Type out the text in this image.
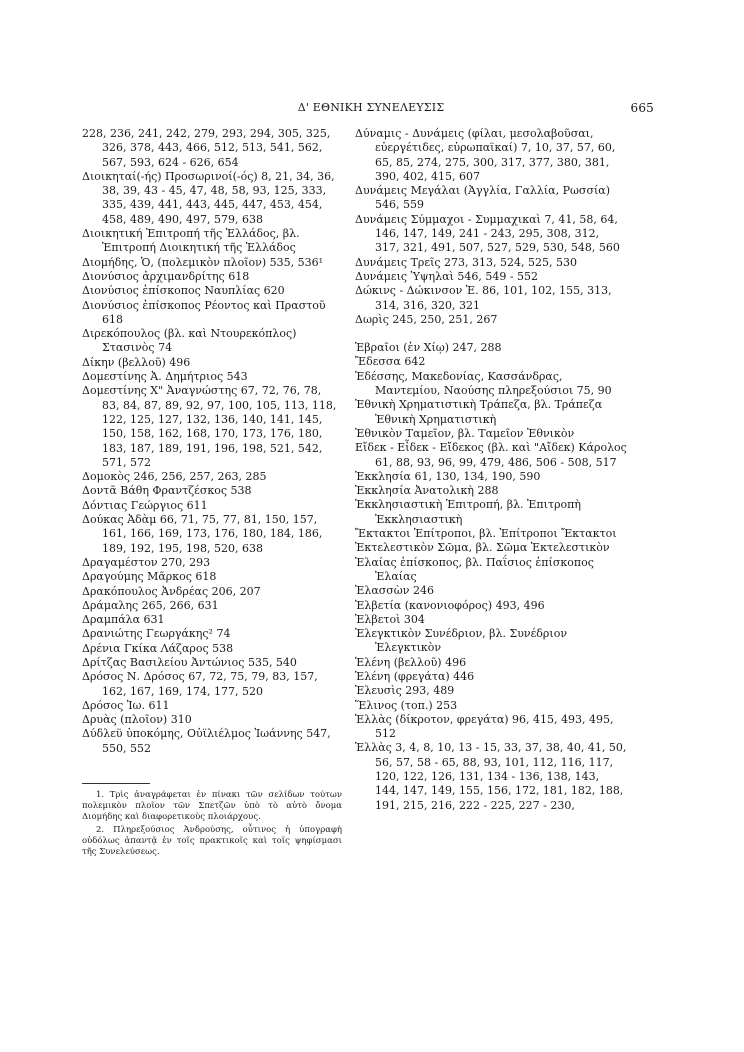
Δ' ΕΘΝΙΚΗ ΣΥΝΕΛΕΥΣΙΣ	665

228, 236, 241, 242, 279, 293, 294, 305, 325, 326, 378, 443, 466, 512, 513, 541, 562, 567, 593, 624 - 626, 654

Διοικηταί(-ής) Προσωρινοί(-ός) 8, 21, 34, 36, 38, 39, 43 - 45, 47, 48, 58, 93, 125, 333, 335, 439, 441, 443, 445, 447, 453, 454, 458, 489, 490, 497, 579, 638

Διοικητική Ἐπιτροπή τῆς Ἑλλάδος, βλ. Ἐπιτροπή Διοικητική τῆς Ἑλλάδος

Διομήδης, Ὁ, (πολεμικὸν πλοῖον) 535, 536¹

Διονύσιος ἀρχιμανδρίτης 618

Διονύσιος ἐπίσκοπος Ναυπλίας 620

Διονύσιος ἐπίσκοπος Ρέοντος καὶ Πραστοῦ 618

Διρεκόπουλος (βλ. καὶ Ντουρεκόπλος) Στασινὸς 74

Δίκην (βελλοῦ) 496

Δομεστίνης Ἀ. Δημήτριος 543

Δομεστίνης Χ" Ἀναγνώστης 67, 72, 76, 78, 83, 84, 87, 89, 92, 97, 100, 105, 113, 118, 122, 125, 127, 132, 136, 140, 141, 145, 150, 158, 162, 168, 170, 173, 176, 180, 183, 187, 189, 191, 196, 198, 521, 542, 571, 572

Δομοκὸς 246, 256, 257, 263, 285

Δοντᾶ Βάθη Φραντζέσκος 538

Δόντιας Γεώργιος 611

Δούκας Ἀδὰμ 66, 71, 75, 77, 81, 150, 157, 161, 166, 169, 173, 176, 180, 184, 186, 189, 192, 195, 198, 520, 638

Δραγαμέστον 270, 293

Δραγούμης Μᾶρκος 618

Δρακόπουλος Ἀνδρέας 206, 207

Δράμαλης 265, 266, 631

Δραμπάλα 631

Δρανιώτης Γεωργάκης² 74

Δρένια Γκίκα Λάζαρος 538

Δρίτζας Βασιλείου Ἀντώνιος 535, 540

Δρόσος Ν. Δρόσος 67, 72, 75, 79, 83, 157, 162, 167, 169, 174, 177, 520

Δρόσος Ἰω. 611

Δρυὰς (πλοῖον) 310

Δύδλεϋ ὑποκόμης, Οὐϊλιέλμος Ἰωάννης 547, 550, 552

Δύναμις - Δυνάμεις (φίλαι, μεσολαβοῦσαι, εὐεργέτιδες, εὐρωπαϊκαί) 7, 10, 37, 57, 60, 65, 85, 274, 275, 300, 317, 377, 380, 381, 390, 402, 415, 607

Δυνάμεις Μεγάλαι (Ἀγγλία, Γαλλία, Ρωσσία) 546, 559

Δυνάμεις Σύμμαχοι - Συμμαχικαὶ 7, 41, 58, 64, 146, 147, 149, 241 - 243, 295, 308, 312, 317, 321, 491, 507, 527, 529, 530, 548, 560

Δυνάμεις Τρεῖς 273, 313, 524, 525, 530

Δυνάμεις Ὑψηλαὶ 546, 549 - 552

Δώκινς - Δώκινσον Ἐ. 86, 101, 102, 155, 313, 314, 316, 320, 321

Δωρὶς 245, 250, 251, 267

Ἑβραῖοι (ἐν Χίῳ) 247, 288

Ἔδεσσα 642

Ἐδέσσης, Μακεδονίας, Κασσάνδρας, Μαντεμίου, Ναούσης πληρεξούσιοι 75, 90

Ἐθνικὴ Χρηματιστικὴ Τράπεζα, βλ. Τράπεζα Ἐθνικὴ Χρηματιστικὴ

Ἐθνικὸν Ταμεῖον, βλ. Ταμεῖον Ἐθνικὸν

Εἴδεκ - Εἶδεκ - Εἴδεκος (βλ. καὶ "Αἴδεκ) Κάρολος 61, 88, 93, 96, 99, 479, 486, 506 - 508, 517

Ἐκκλησία 61, 130, 134, 190, 590

Ἐκκλησία Ἀνατολικὴ 288

Ἐκκλησιαστικὴ Ἐπιτροπή, βλ. Ἐπιτροπὴ Ἐκκλησιαστικὴ

Ἔκτακτοι Ἐπίτροποι, βλ. Ἐπίτροποι Ἔκτακτοι

Ἐκτελεστικὸν Σῶμα, βλ. Σῶμα Ἐκτελεστικὸν

Ἐλαίας ἐπίσκοπος, βλ. Παΐσιος ἐπίσκοπος Ἐλαίας

Ἐλασσὼν 246

Ἐλβετία (κανονιοφόρος) 493, 496

Ἐλβετοὶ 304

Ἐλεγκτικὸν Συνέδριον, βλ. Συνέδριον Ἐλεγκτικὸν

Ἑλένη (βελλοῦ) 496

Ἑλένη (φρεγάτα) 446

Ἐλευσὶς 293, 489

Ἕλινος (τοπ.) 253

Ἑλλὰς (δίκροτον, φρεγάτα) 96, 415, 493, 495, 512

Ἑλλὰς 3, 4, 8, 10, 13 - 15, 33, 37, 38, 40, 41, 50, 56, 57, 58 - 65, 88, 93, 101, 112, 116, 117, 120, 122, 126, 131, 134 - 136, 138, 143, 144, 147, 149, 155, 156, 172, 181, 182, 188, 191, 215, 216, 222 - 225, 227 - 230,

1. Τρὶς ἀναγράφεται ἐν πίνακι τῶν σελίδων τούτων πολεμικὸν πλοῖον τῶν Σπετζῶν ὑπὸ τὸ αὐτὸ ὄνομα Διομήδης καὶ διαφορετικοὺς πλοιάρχους.

2. Πληρεξούσιος Ἀνδρούσης, οὗτινος ἡ ὑπογραφὴ οὐδόλως ἀπαντᾷ ἐν τοῖς πρακτικοῖς καὶ τοῖς ψηφίσμασι τῆς Συνελεύσεως.
